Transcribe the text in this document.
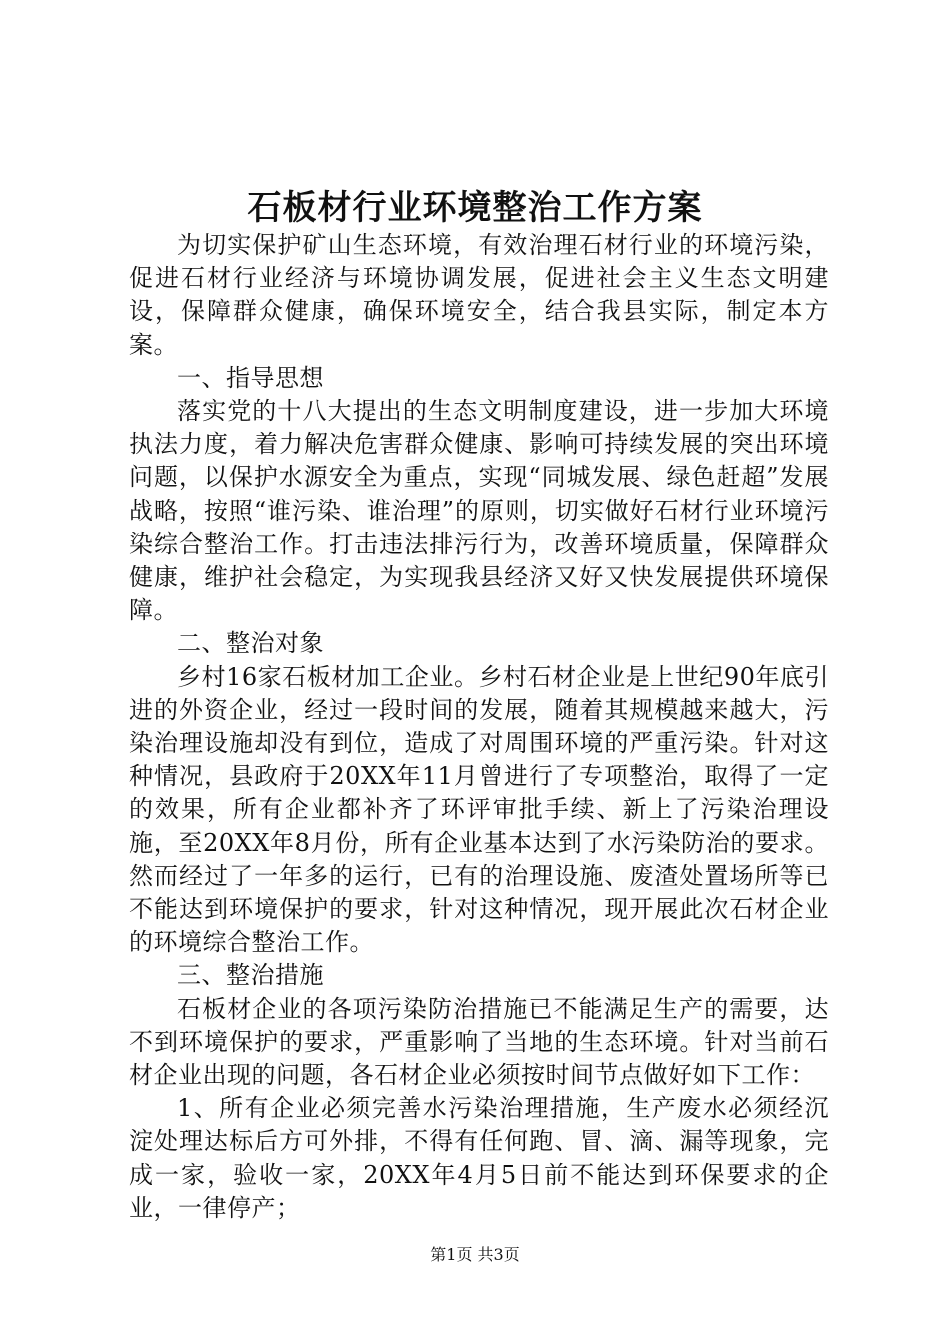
石板材行业环境整治工作方案

为切实保护矿山生态环境，有效治理石材行业的环境污染，促进石材行业经济与环境协调发展，促进社会主义生态文明建设，保障群众健康，确保环境安全，结合我县实际，制定本方案。

一、指导思想

落实党的十八大提出的生态文明制度建设，进一步加大环境执法力度，着力解决危害群众健康、影响可持续发展的突出环境问题，以保护水源安全为重点，实现“同城发展、绿色赶超”发展战略，按照“谁污染、谁治理”的原则，切实做好石材行业环境污染综合整治工作。打击违法排污行为，改善环境质量，保障群众健康，维护社会稳定，为实现我县经济又好又快发展提供环境保障。

二、整治对象

乡村16家石板材加工企业。乡村石材企业是上世纪90年底引进的外资企业，经过一段时间的发展，随着其规模越来越大，污染治理设施却没有到位，造成了对周围环境的严重污染。针对这种情况，县政府于20XX年11月曾进行了专项整治，取得了一定的效果，所有企业都补齐了环评审批手续、新上了污染治理设施，至20XX年8月份，所有企业基本达到了水污染防治的要求。然而经过了一年多的运行，已有的治理设施、废渣处置场所等已不能达到环境保护的要求，针对这种情况，现开展此次石材企业的环境综合整治工作。

三、整治措施

石板材企业的各项污染防治措施已不能满足生产的需要，达不到环境保护的要求，严重影响了当地的生态环境。针对当前石材企业出现的问题，各石材企业必须按时间节点做好如下工作：

1、所有企业必须完善水污染治理措施，生产废水必须经沉淀处理达标后方可外排，不得有任何跑、冒、滴、漏等现象，完成一家，验收一家，20XX年4月5日前不能达到环保要求的企业，一律停产；

第1页 共3页
